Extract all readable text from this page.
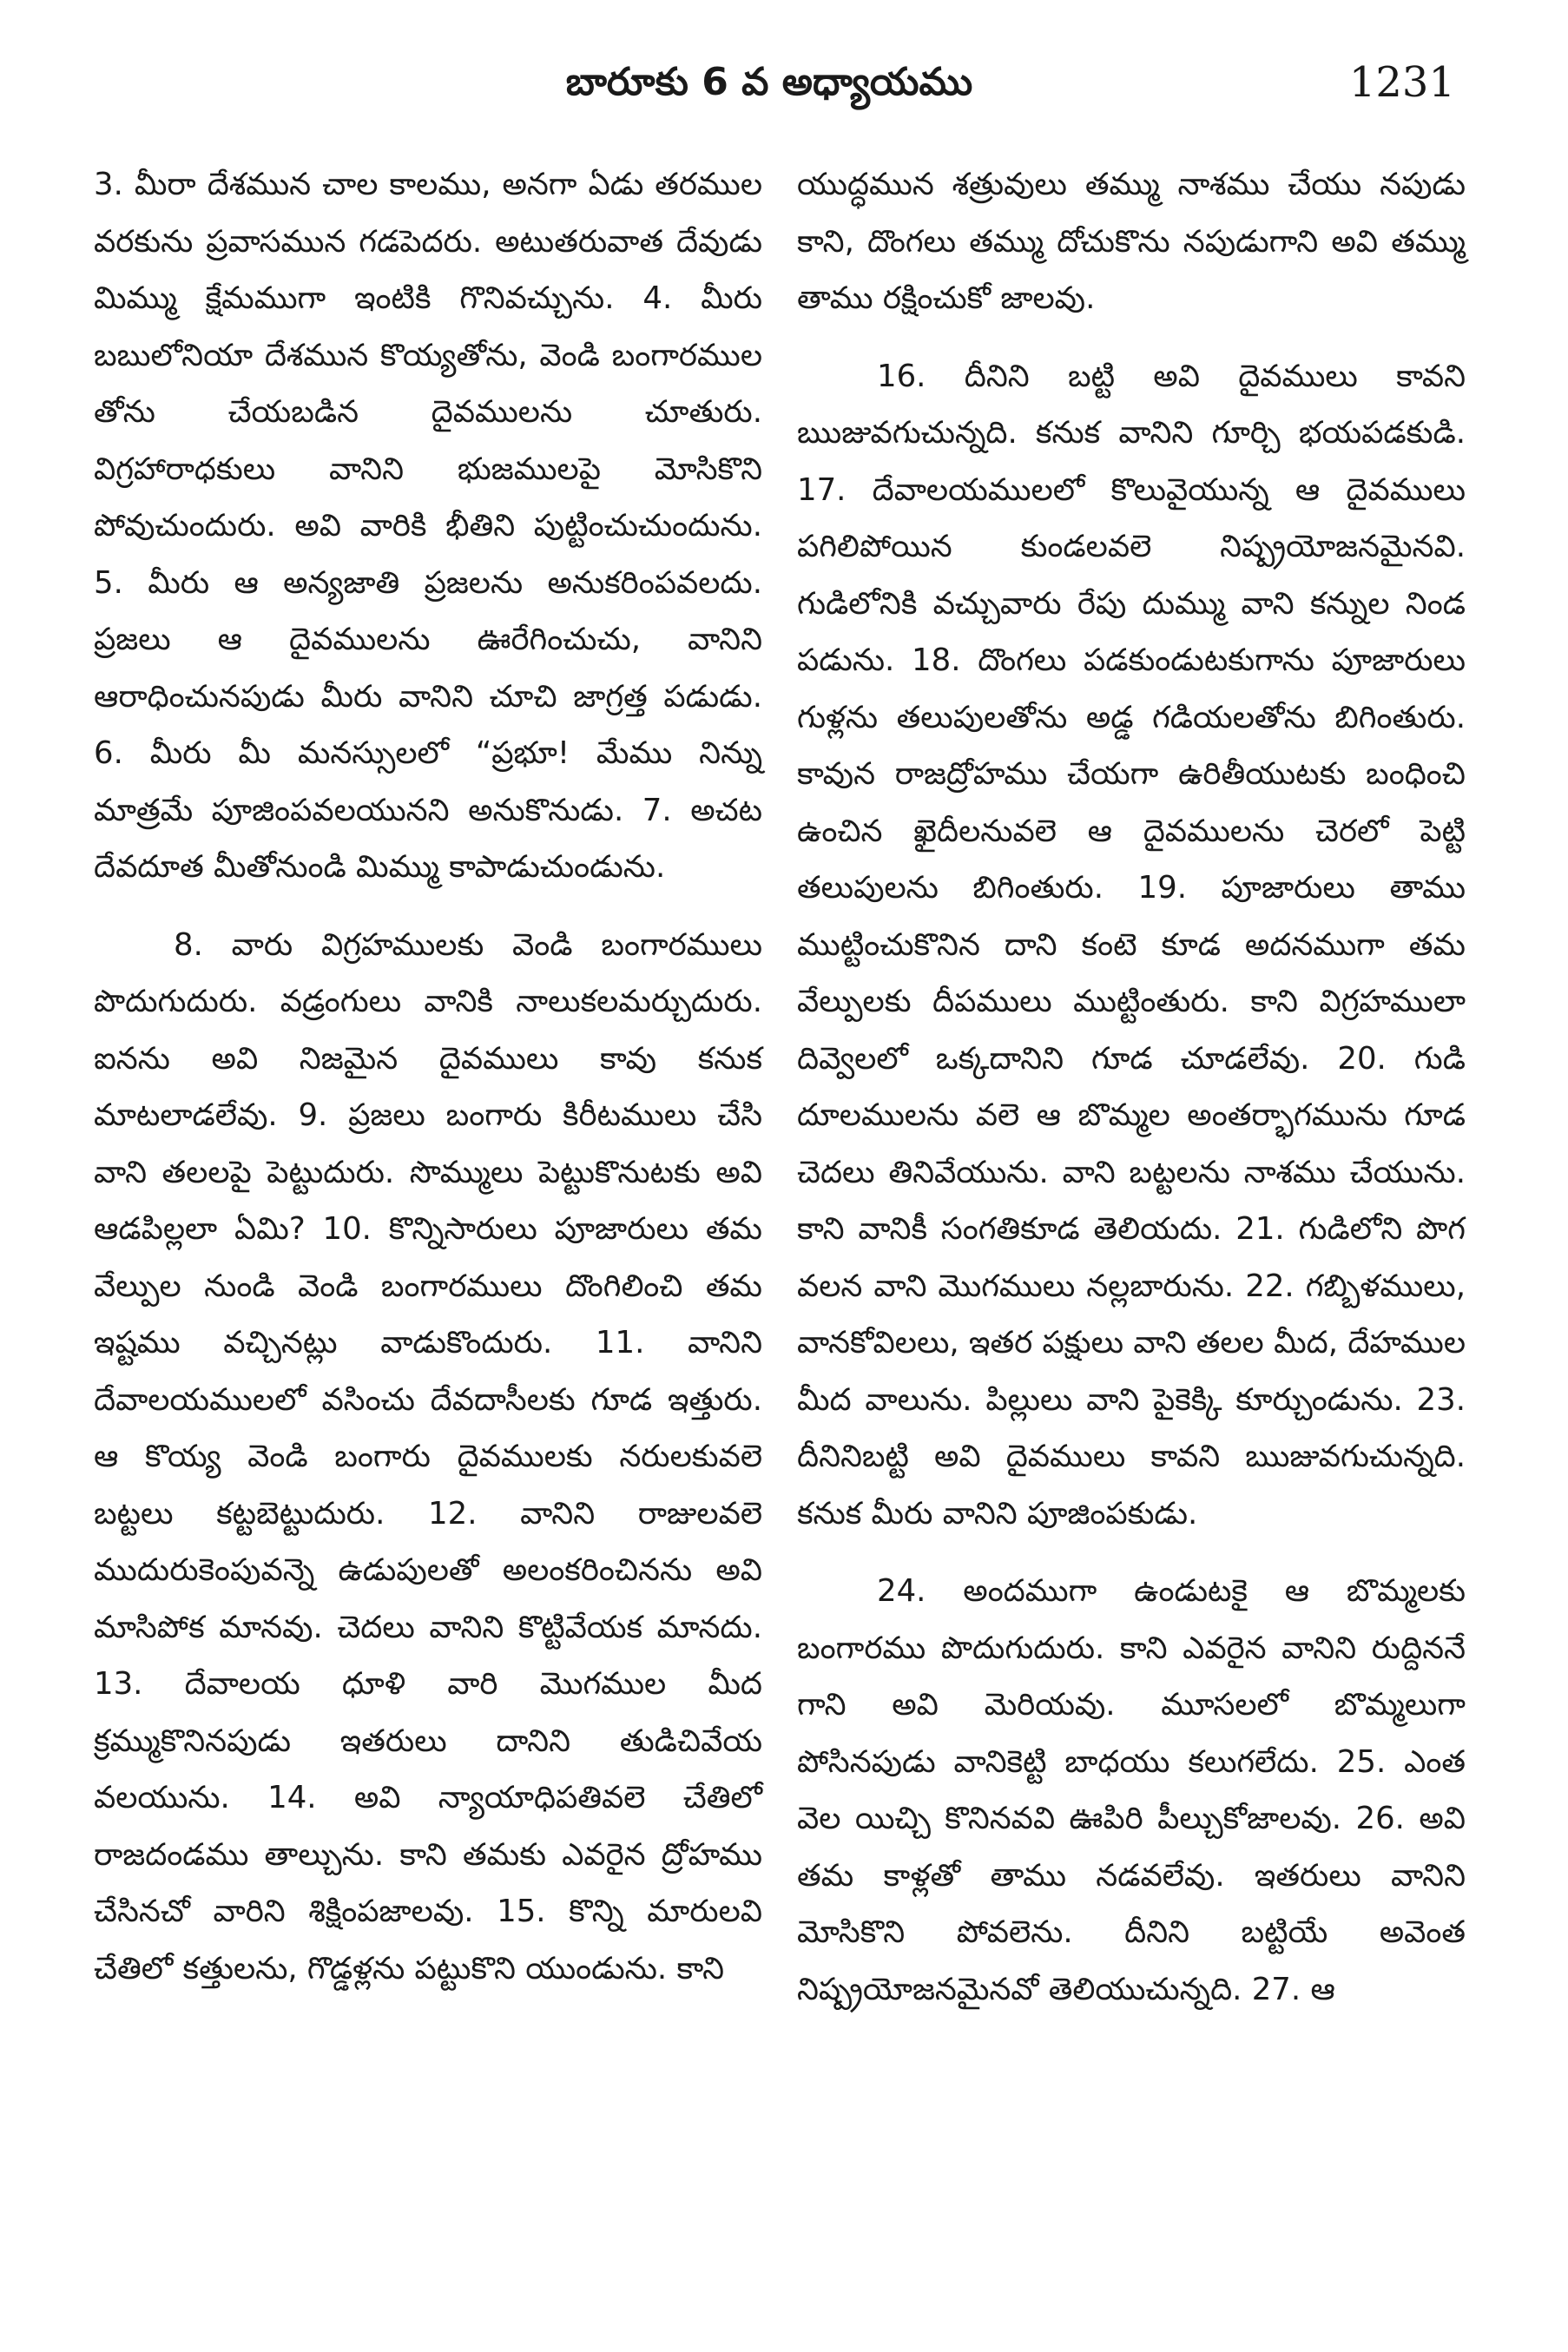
బారూకు 6 వ అధ్యాయము	1231

3. మీరా దేశమున చాల కాలము, అనగా ఏడు తరముల వరకును ప్రవాసమున గడపెదరు. అటుతరువాత దేవుడు మిమ్ము క్షేమముగా ఇంటికి గొనివచ్చును. 4. మీరు బబులోనియా దేశమున కొయ్యతోను, వెండి బంగారముల తోను చేయబడిన దైవములను చూతురు. విగ్రహారాధకులు వానిని భుజములపై మోసికొని పోవుచుందురు. అవి వారికి భీతిని పుట్టించుచుందును. 5. మీరు ఆ అన్యజాతి ప్రజలను అనుకరింపవలదు. ప్రజలు ఆ దైవములను ఊరేగించుచు, వానిని ఆరాధించునపుడు మీరు వానిని చూచి జాగ్రత్త పడుడు. 6. మీరు మీ మనస్సులలో “ప్రభూ! మేము నిన్ను మాత్రమే పూజింపవలయునని అనుకొనుడు. 7. అచట దేవదూత మీతోనుండి మిమ్ము కాపాడుచుండును.

8. వారు విగ్రహములకు వెండి బంగారములు పొదుగుదురు. వడ్రంగులు వానికి నాలుకలమర్చుదురు. ఐనను అవి నిజమైన దైవములు కావు కనుక మాటలాడలేవు. 9. ప్రజలు బంగారు కిరీటములు చేసి వాని తలలపై పెట్టుదురు. సొమ్ములు పెట్టుకొనుటకు అవి ఆడపిల్లలా ఏమి? 10. కొన్నిసారులు పూజారులు తమ వేల్పుల నుండి వెండి బంగారములు దొంగిలించి తమ ఇష్టము వచ్చినట్లు వాడుకొందురు. 11. వానిని దేవాలయములలో వసించు దేవదాసీలకు గూడ ఇత్తురు. ఆ కొయ్య వెండి బంగారు దైవములకు నరులకువలె బట్టలు కట్టబెట్టుదురు. 12. వానిని రాజులవలె ముదురుకెంపువన్నె ఉడుపులతో అలంకరించినను అవి మాసిపోక మానవు. చెదలు వానిని కొట్టివేయక మానదు. 13. దేవాలయ ధూళి వారి మొగముల మీద క్రమ్ముకొనినపుడు ఇతరులు దానిని తుడిచివేయ వలయును. 14. అవి న్యాయాధిపతివలె చేతిలో రాజదండము తాల్చును. కాని తమకు ఎవరైన ద్రోహము చేసినచో వారిని శిక్షింపజాలవు. 15. కొన్ని మారులవి చేతిలో కత్తులను, గొడ్డళ్లను పట్టుకొని యుండును. కాని

యుద్ధమున శత్రువులు తమ్ము నాశము చేయు నపుడు కాని, దొంగలు తమ్ము దోచుకొను నపుడుగాని అవి తమ్ము తాము రక్షించుకో జాలవు.

16. దీనిని బట్టి అవి దైవములు కావని ఋజువగుచున్నది. కనుక వానిని గూర్చి భయపడకుడి. 17. దేవాలయములలో కొలువైయున్న ఆ దైవములు పగిలిపోయిన కుండలవలె నిష్ప్రయోజనమైనవి. గుడిలోనికి వచ్చువారు రేపు దుమ్ము వాని కన్నుల నిండ పడును. 18. దొంగలు పడకుండుటకుగాను పూజారులు గుళ్లను తలుపులతోను అడ్డ గడియలతోను బిగింతురు. కావున రాజద్రోహము చేయగా ఉరితీయుటకు బంధించి ఉంచిన ఖైదీలనువలె ఆ దైవములను చెరలో పెట్టి తలుపులను బిగింతురు. 19. పూజారులు తాము ముట్టించుకొనిన దాని కంటె కూడ అదనముగా తమ వేల్పులకు దీపములు ముట్టింతురు. కాని విగ్రహములా దివ్వెలలో ఒక్కదానిని గూడ చూడలేవు. 20. గుడి దూలములను వలె ఆ బొమ్మల అంతర్భాగమును గూడ చెదలు తినివేయును. వాని బట్టలను నాశము చేయును. కాని వానికీ సంగతికూడ తెలియదు. 21. గుడిలోని పొగ వలన వాని మొగములు నల్లబారును. 22. గబ్బిళములు, వానకోవిలలు, ఇతర పక్షులు వాని తలల మీద, దేహముల మీద వాలును. పిల్లులు వాని పైకెక్కి కూర్చుండును. 23. దీనినిబట్టి అవి దైవములు కావని ఋజువగుచున్నది. కనుక మీరు వానిని పూజింపకుడు.

24. అందముగా ఉండుటకై ఆ బొమ్మలకు బంగారము పొదుగుదురు. కాని ఎవరైన వానిని రుద్దిననే గాని అవి మెరియవు. మూసలలో బొమ్మలుగా పోసినపుడు వానికెట్టి బాధయు కలుగలేదు. 25. ఎంత వెల యిచ్చి కొనినవవి ఊపిరి పీల్చుకోజాలవు. 26. అవి తమ కాళ్లతో తాము నడవలేవు. ఇతరులు వానిని మోసికొని పోవలెను. దీనిని బట్టియే అవెంత నిష్ప్రయోజనమైనవో తెలియుచున్నది. 27. ఆ
